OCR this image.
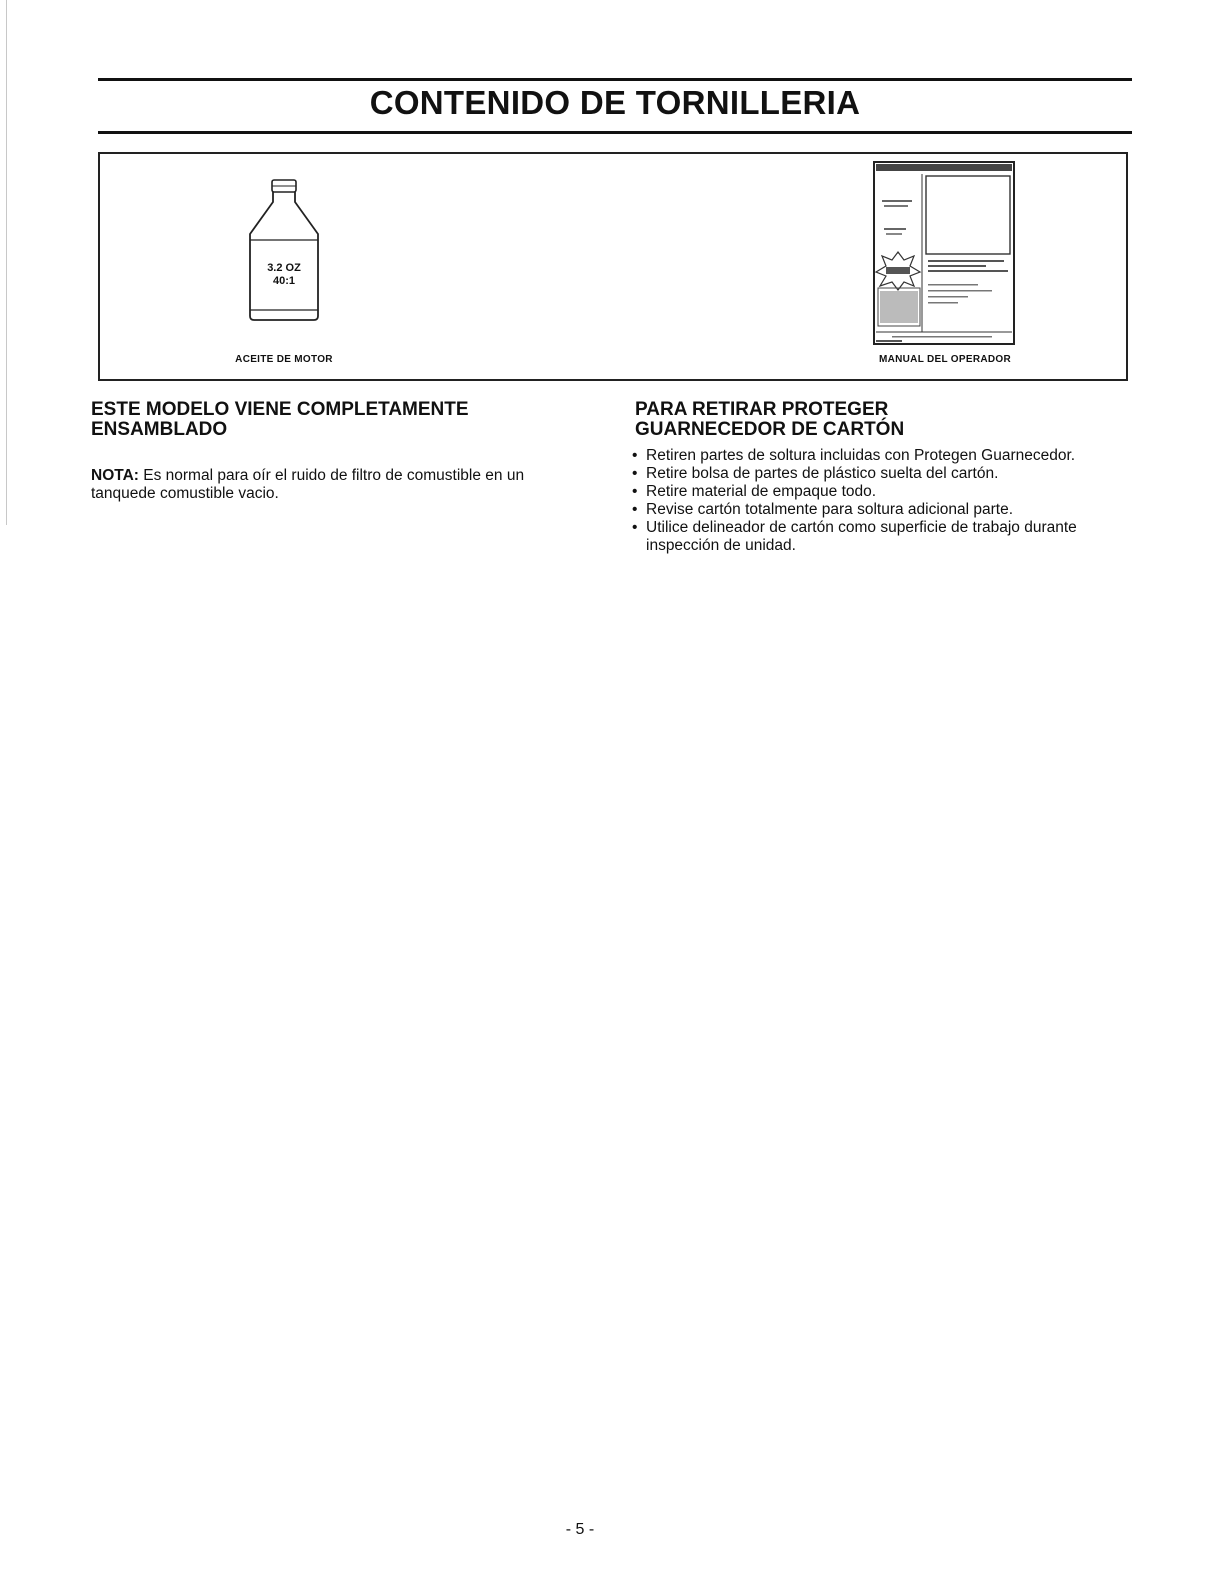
CONTENIDO DE TORNILLERIA
3.2 OZ
40:1
ACEITE DE MOTOR	MANUAL DEL OPERADOR
ESTE MODELO VIENE COMPLETAMENTE ENSAMBLADO

NOTA: Es normal para oír el ruido de filtro de comustible en un tanquede comustible vacio.

PARA RETIRAR PROTEGER
GUARNECEDOR DE CARTÓN
• Retiren partes de soltura incluidas con Protegen Guarnecedor.
• Retire bolsa de partes de plástico suelta del cartón.
• Retire material de empaque todo.
• Revise cartón totalmente para soltura adicional parte.
• Utilice delineador de cartón como superficie de trabajo durante inspección de unidad.
- 5 -
